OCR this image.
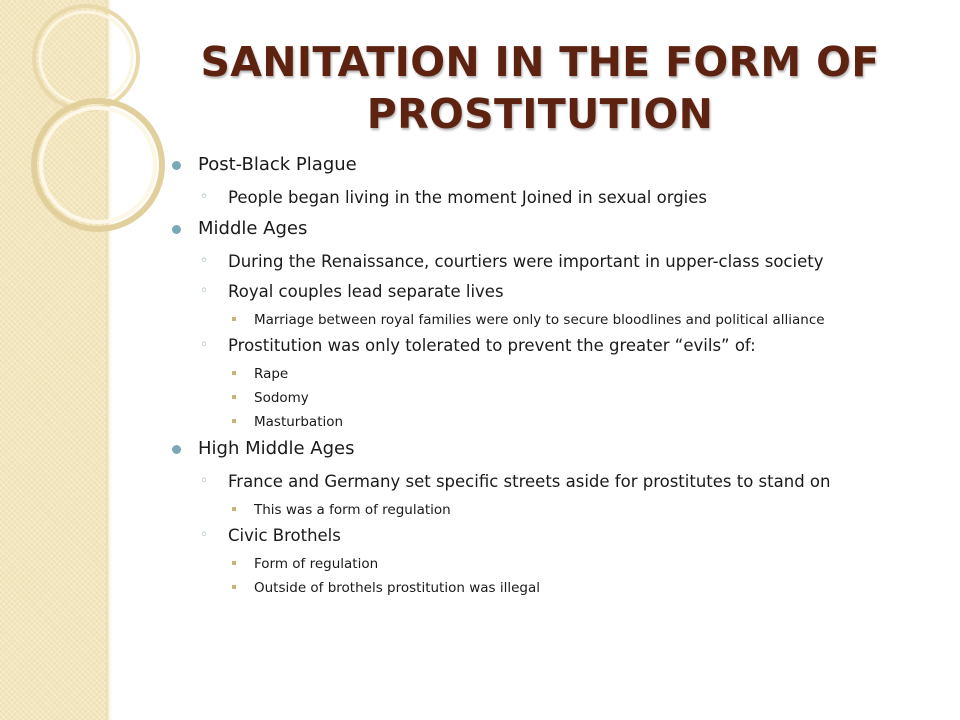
SANITATION IN THE FORM OF PROSTITUTION

Post-Black Plague

◦ People began living in the moment Joined in sexual orgies

Middle Ages

◦ During the Renaissance, courtiers were important in upper-class society

◦ Royal couples lead separate lives

Marriage between royal families were only to secure bloodlines and political alliance

◦ Prostitution was only tolerated to prevent the greater “evils” of:

Rape

Sodomy

Masturbation

High Middle Ages

◦ France and Germany set specific streets aside for prostitutes to stand on

This was a form of regulation

◦ Civic Brothels

Form of regulation

Outside of brothels prostitution was illegal
